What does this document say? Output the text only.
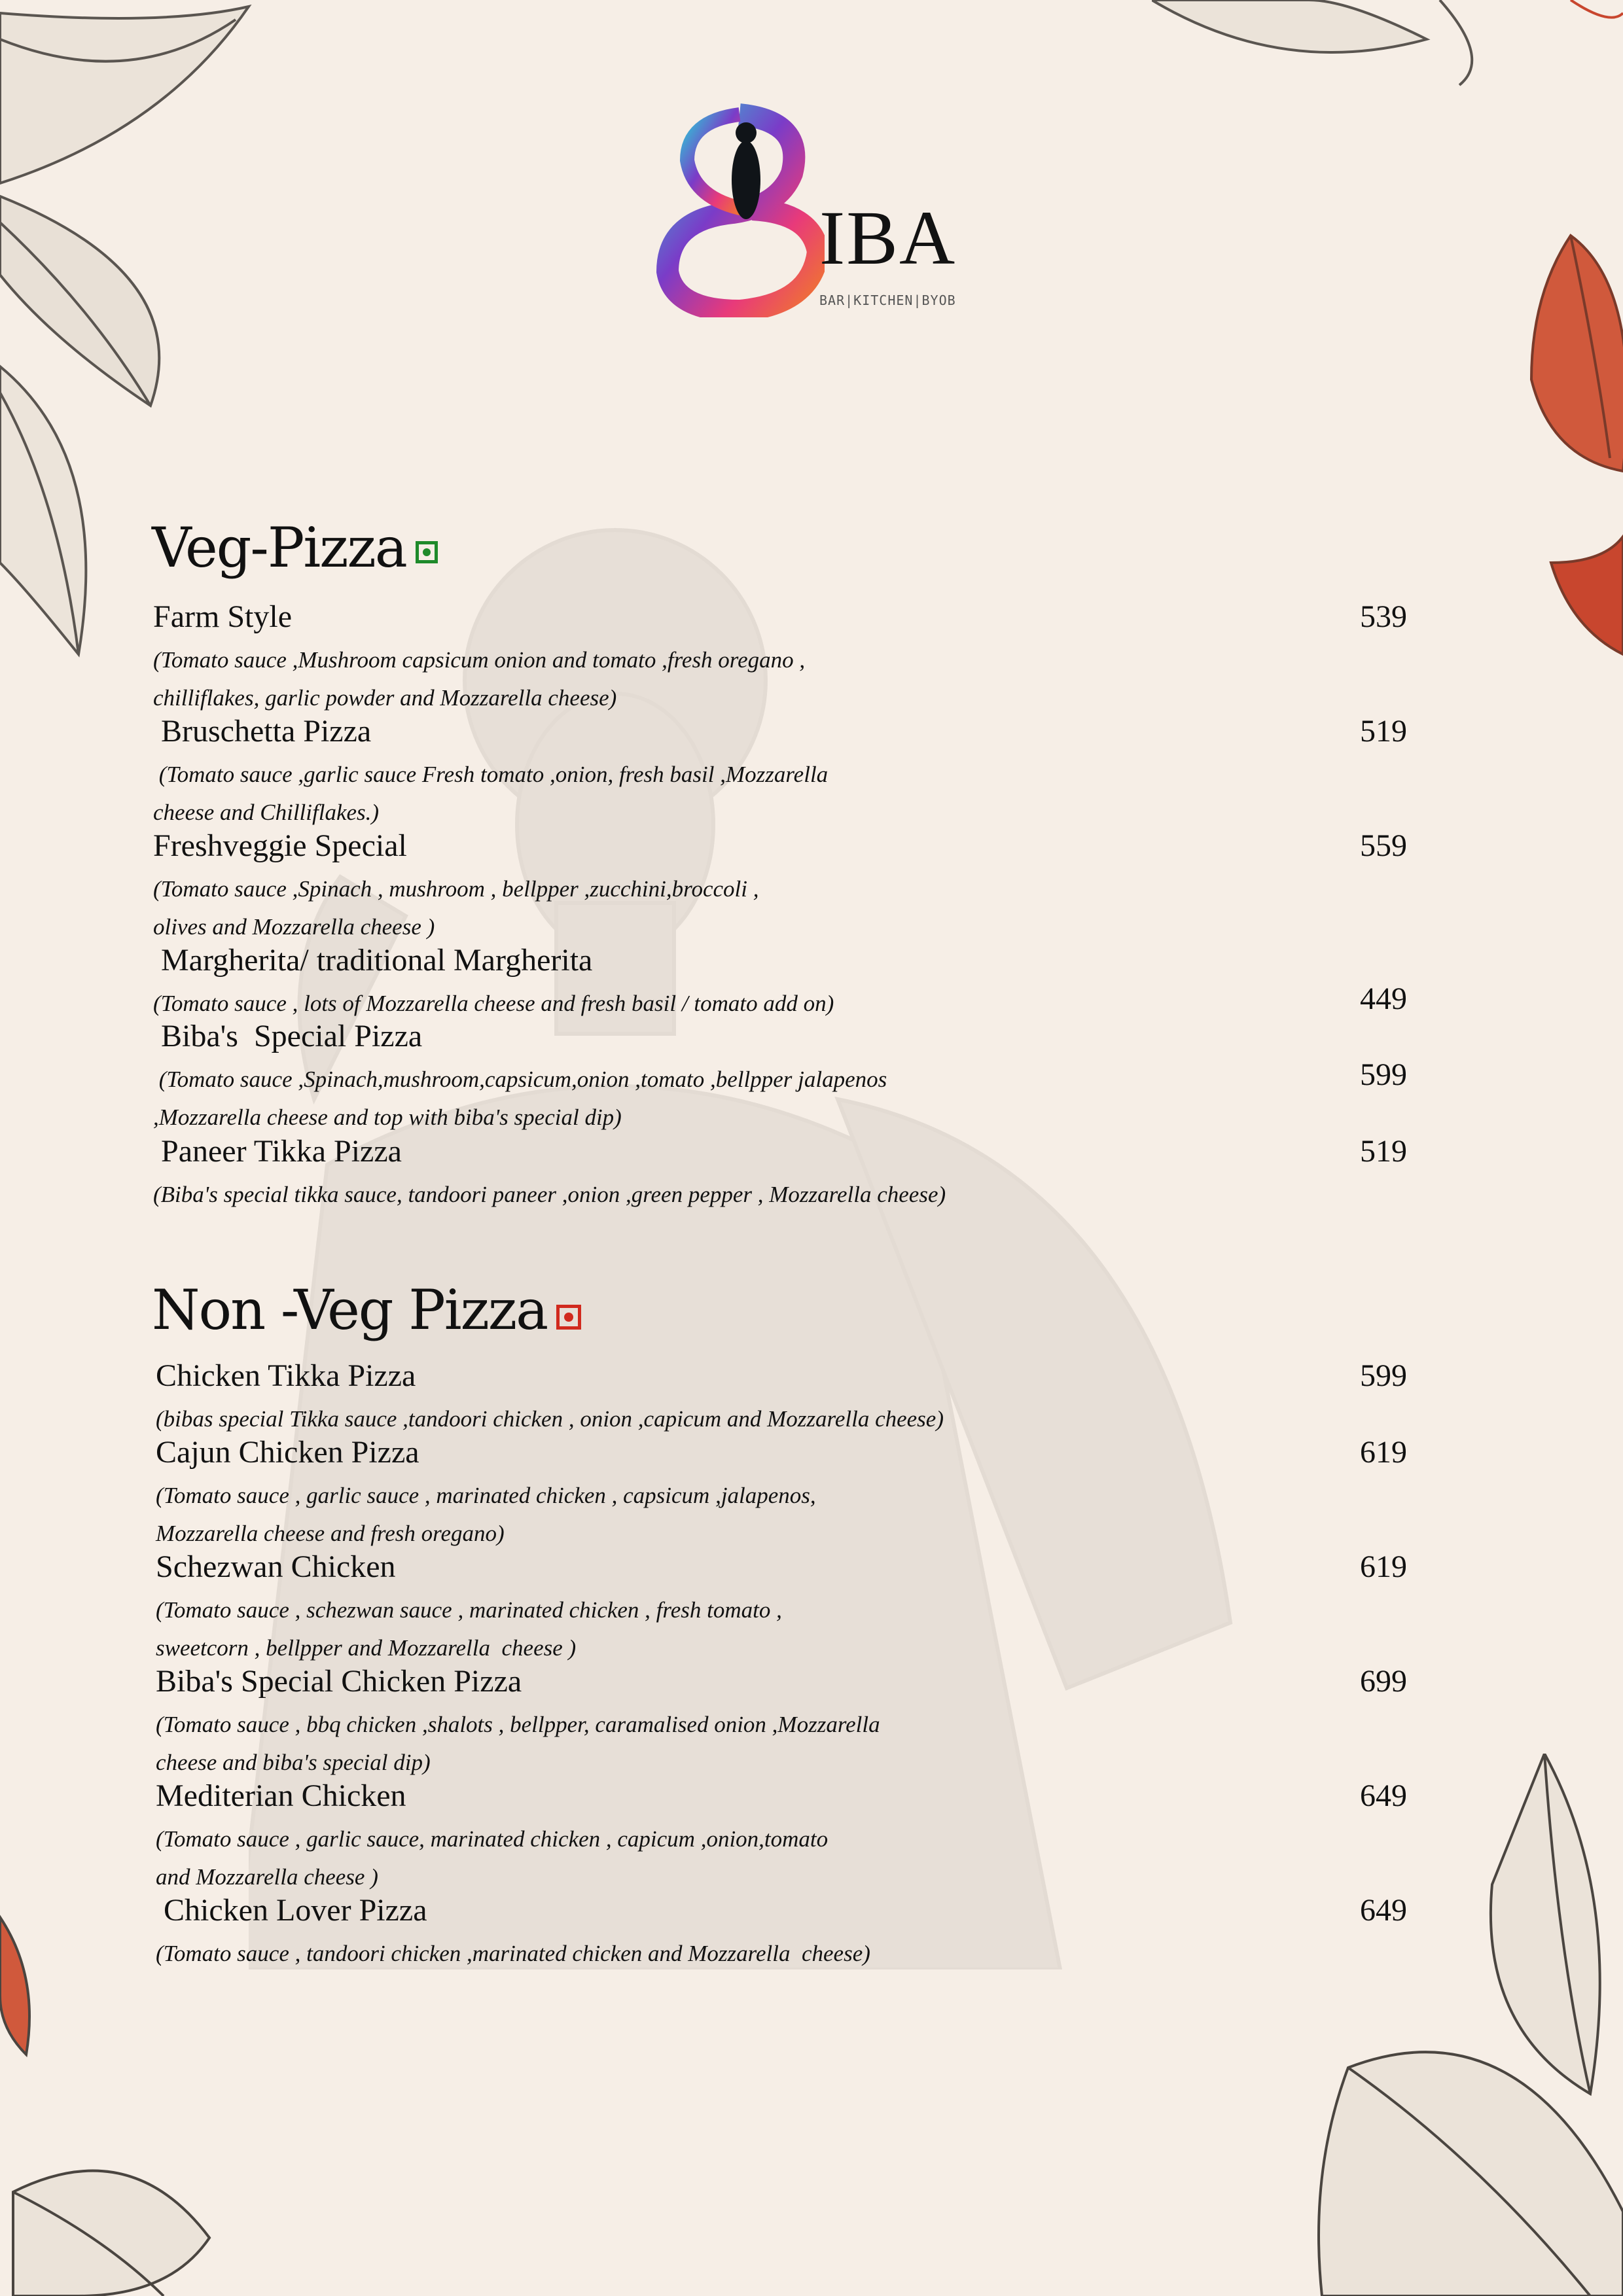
IBA
BAR|KITCHEN|BYOB
Veg-Pizza
Farm Style	539
(Tomato sauce ,Mushroom capsicum onion and tomato ,fresh oregano ,
chilliflakes, garlic powder and Mozzarella cheese)
Bruschetta Pizza	519
(Tomato sauce ,garlic sauce Fresh tomato ,onion, fresh basil ,Mozzarella
cheese and Chilliflakes.)
Freshveggie Special	559
(Tomato sauce ,Spinach , mushroom , bellpper ,zucchini,broccoli ,
olives and Mozzarella cheese )
Margherita/ traditional Margherita
(Tomato sauce , lots of Mozzarella cheese and fresh basil / tomato add on)	449
Biba's  Special Pizza
(Tomato sauce ,Spinach,mushroom,capsicum,onion ,tomato ,bellpper jalapenos	599
,Mozzarella cheese and top with biba's special dip)
Paneer Tikka Pizza	519
(Biba's special tikka sauce, tandoori paneer ,onion ,green pepper , Mozzarella cheese)
Non -Veg Pizza
Chicken Tikka Pizza	599
(bibas special Tikka sauce ,tandoori chicken , onion ,capicum and Mozzarella cheese)
Cajun Chicken Pizza	619
(Tomato sauce , garlic sauce , marinated chicken , capsicum ,jalapenos,
Mozzarella cheese and fresh oregano)
Schezwan Chicken	619
(Tomato sauce , schezwan sauce , marinated chicken , fresh tomato ,
sweetcorn , bellpper and Mozzarella  cheese )
Biba's Special Chicken Pizza	699
(Tomato sauce , bbq chicken ,shalots , bellpper, caramalised onion ,Mozzarella
cheese and biba's special dip)
Mediterian Chicken	649
(Tomato sauce , garlic sauce, marinated chicken , capicum ,onion,tomato
and Mozzarella cheese )
Chicken Lover Pizza	649
(Tomato sauce , tandoori chicken ,marinated chicken and Mozzarella  cheese)
